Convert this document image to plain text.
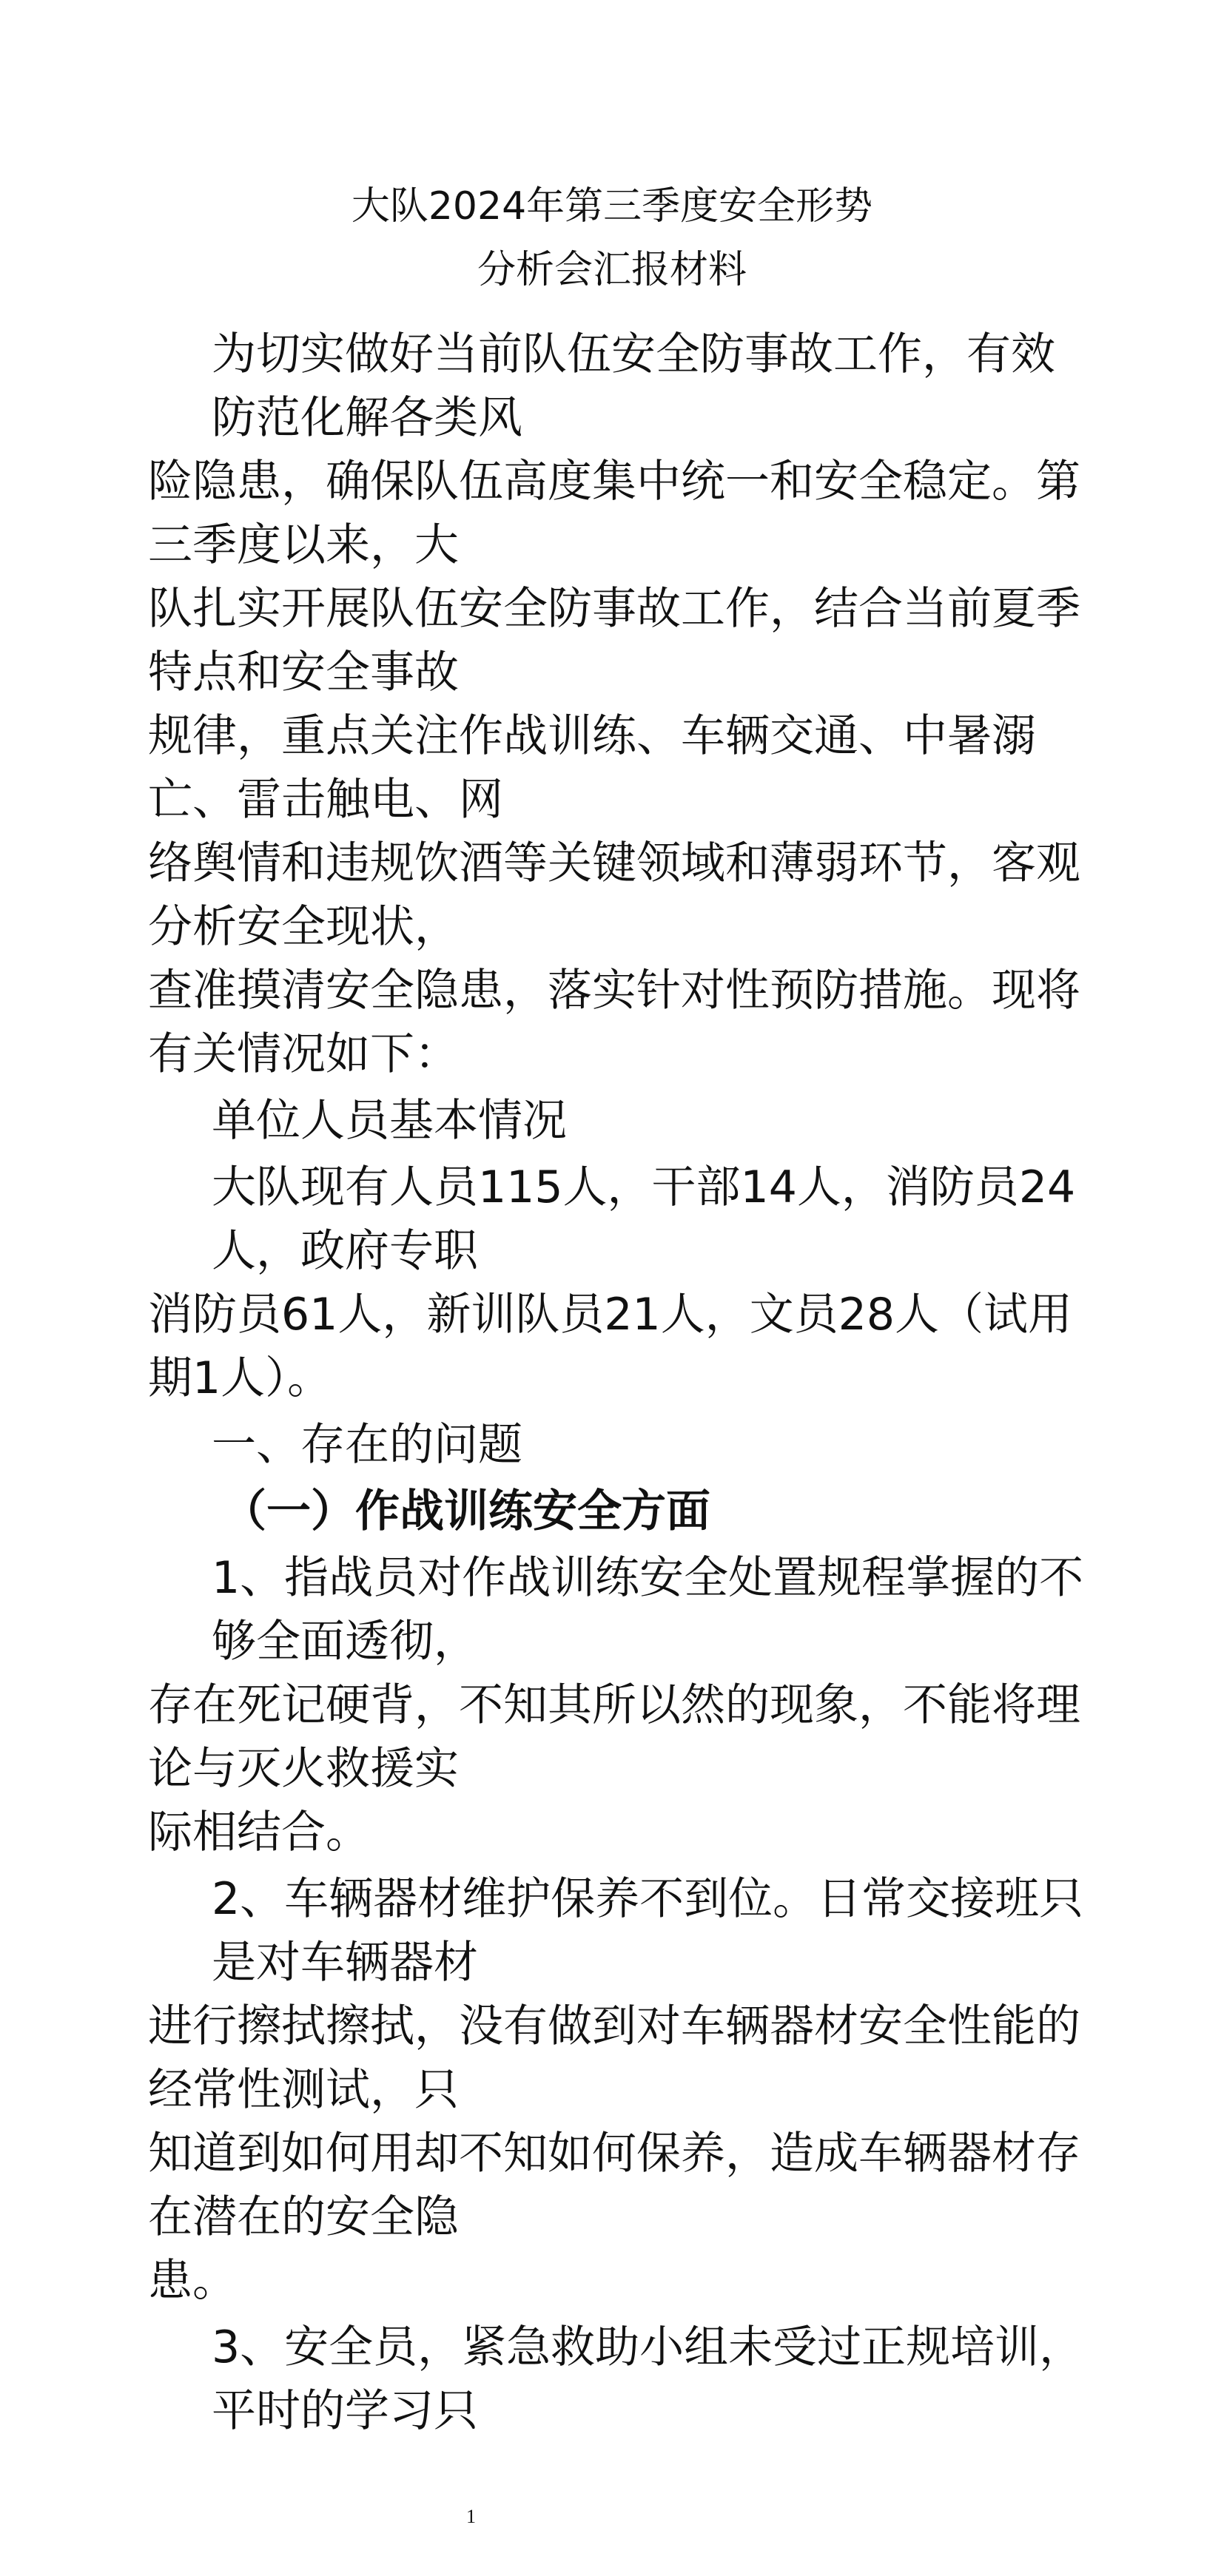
大队2024年第三季度安全形势
分析会汇报材料
为切实做好当前队伍安全防事故工作，有效防范化解各类风
险隐患，确保队伍高度集中统一和安全稳定。第三季度以来，大
队扎实开展队伍安全防事故工作，结合当前夏季特点和安全事故
规律，重点关注作战训练、车辆交通、中暑溺亡、雷击触电、网
络舆情和违规饮酒等关键领域和薄弱环节，客观分析安全现状，
查准摸清安全隐患，落实针对性预防措施。现将有关情况如下：
单位人员基本情况
大队现有人员115人，干部14人，消防员24人，政府专职
消防员61人，新训队员21人，文员28人（试用期1人）。
一、存在的问题
（一）作战训练安全方面
1、指战员对作战训练安全处置规程掌握的不够全面透彻，
存在死记硬背，不知其所以然的现象，不能将理论与灭火救援实
际相结合。
2、车辆器材维护保养不到位。日常交接班只是对车辆器材
进行擦拭擦拭，没有做到对车辆器材安全性能的经常性测试，只
知道到如何用却不知如何保养，造成车辆器材存在潜在的安全隐
患。
3、安全员，紧急救助小组未受过正规培训，平时的学习只
1
